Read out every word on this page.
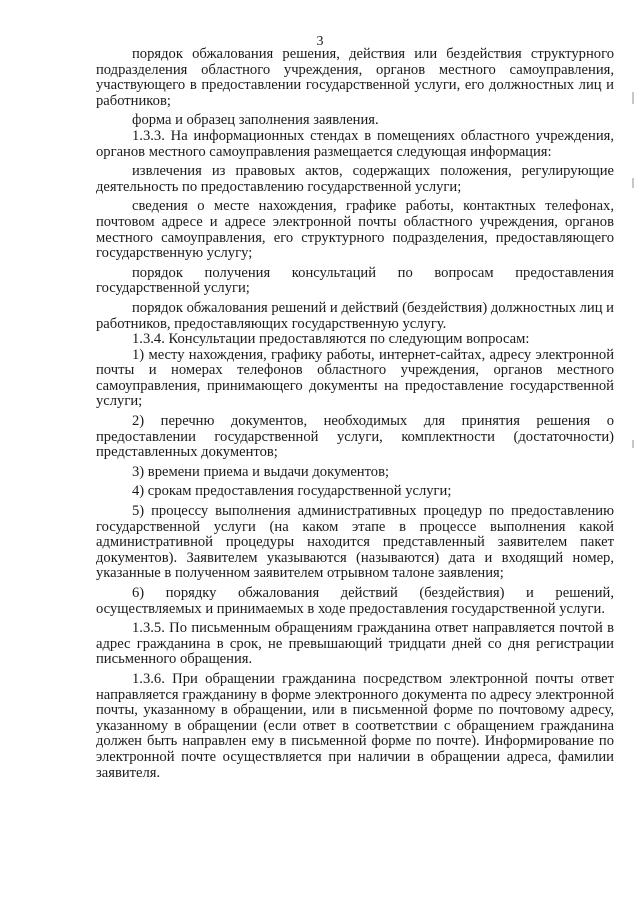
3

порядок обжалования решения, действия или бездействия структурного подразделения областного учреждения, органов местного самоуправления, участвующего в предоставлении государственной услуги, его должностных лиц и работников;

форма и образец заполнения заявления.

1.3.3. На информационных стендах в помещениях областного учреждения, органов местного самоуправления размещается следующая информация:

извлечения из правовых актов, содержащих положения, регулирующие деятельность по предоставлению государственной услуги;

сведения о месте нахождения, графике работы, контактных телефонах, почтовом адресе и адресе электронной почты областного учреждения, органов местного самоуправления, его структурного подразделения, предоставляющего государственную услугу;

порядок получения консультаций по вопросам предоставления государственной услуги;

порядок обжалования решений и действий (бездействия) должностных лиц и работников, предоставляющих государственную услугу.

1.3.4. Консультации предоставляются по следующим вопросам:

1) месту нахождения, графику работы, интернет-сайтах, адресу электронной почты и номерах телефонов областного учреждения, органов местного самоуправления, принимающего документы на предоставление государственной услуги;

2) перечню документов, необходимых для принятия решения о предоставлении государственной услуги, комплектности (достаточности) представленных документов;

3) времени приема и выдачи документов;

4) срокам предоставления государственной услуги;

5) процессу выполнения административных процедур по предоставлению государственной услуги (на каком этапе в процессе выполнения какой административной процедуры находится представленный заявителем пакет документов). Заявителем указываются (называются) дата и входящий номер, указанные в полученном заявителем отрывном талоне заявления;

6) порядку обжалования действий (бездействия) и решений, осуществляемых и принимаемых в ходе предоставления государственной услуги.

1.3.5. По письменным обращениям гражданина ответ направляется почтой в адрес гражданина в срок, не превышающий тридцати дней со дня регистрации письменного обращения.

1.3.6. При обращении гражданина посредством электронной почты ответ направляется гражданину в форме электронного документа по адресу электронной почты, указанному в обращении, или в письменной форме по почтовому адресу, указанному в обращении (если ответ в соответствии с обращением гражданина должен быть направлен ему в письменной форме по почте). Информирование по электронной почте осуществляется при наличии в обращении адреса, фамилии заявителя.
